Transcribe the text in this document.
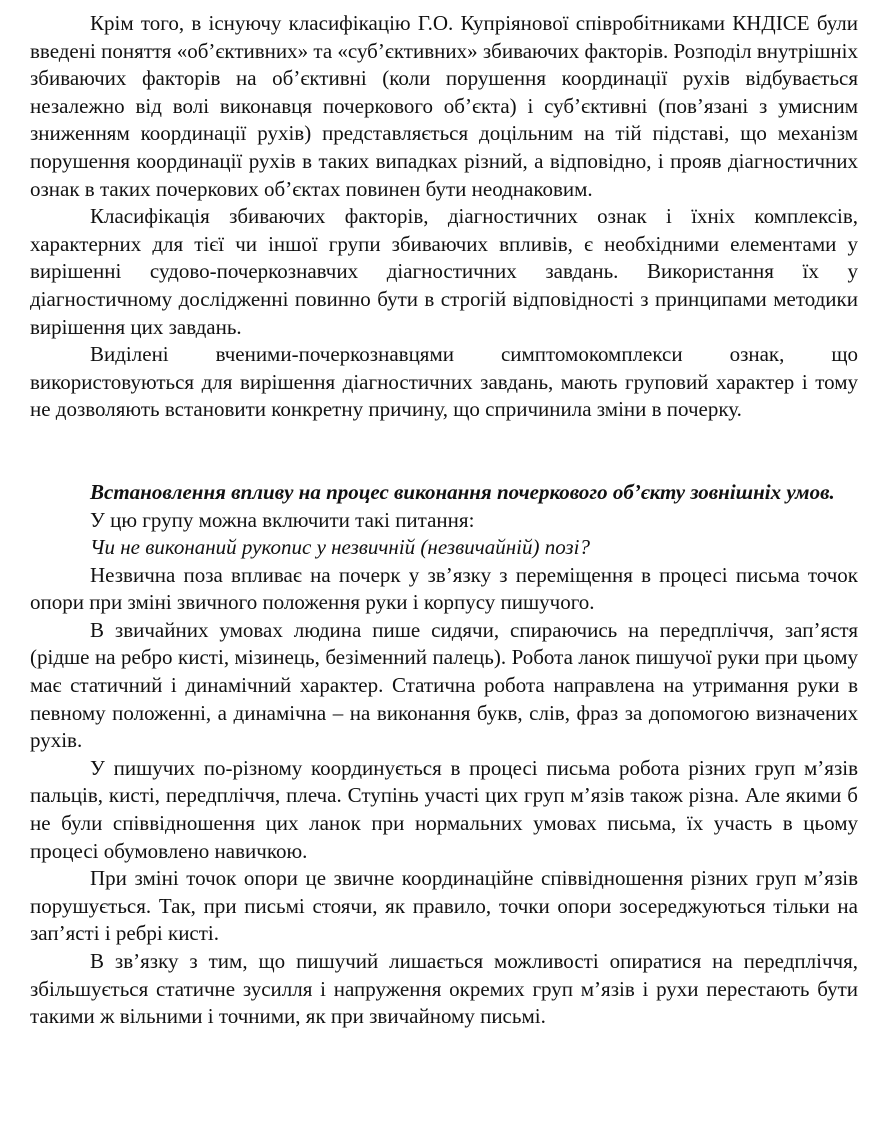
Крім того, в існуючу класифікацію Г.О. Купріянової співробітниками КНДІСЕ були введені поняття «об’єктивних» та «суб’єктивних» збиваючих факторів. Розподіл внутрішніх збиваючих факторів на об’єктивні (коли порушення координації рухів відбувається незалежно від волі виконавця почеркового об’єкта) і суб’єктивні (пов’язані з умисним зниженням координації рухів) представляється доцільним на тій підставі, що механізм порушення координації рухів в таких випадках різний, а відповідно, і прояв діагностичних ознак в таких почеркових об’єктах повинен бути неоднаковим.

Класифікація збиваючих факторів, діагностичних ознак і їхніх комплексів, характерних для тієї чи іншої групи збиваючих впливів, є необхідними елементами у вирішенні судово-почеркознавчих діагностичних завдань. Використання їх у діагностичному дослідженні повинно бути в строгій відповідності з принципами методики вирішення цих завдань.

Виділені вченими-почеркознавцями симптомокомплекси ознак, що використовуються для вирішення діагностичних завдань, мають груповий характер і тому не дозволяють встановити конкретну причину, що спричинила зміни в почерку.

Встановлення впливу на процес виконання почеркового об’єкту зовнішніх умов.

У цю групу можна включити такі питання:

Чи не виконаний рукопис у незвичній (незвичайній) позі?

Незвична поза впливає на почерк у зв’язку з переміщення в процесі письма точок опори при зміні звичного положення руки і корпусу пишучого.

В звичайних умовах людина пише сидячи, спираючись на передпліччя, зап’ястя (рідше на ребро кисті, мізинець, безіменний палець). Робота ланок пишучої руки при цьому має статичний і динамічний характер. Статична робота направлена на утримання руки в певному положенні, а динамічна – на виконання букв, слів, фраз за допомогою визначених рухів.

У пишучих по-різному координується в процесі письма робота різних груп м’язів пальців, кисті, передпліччя, плеча. Ступінь участі цих груп м’язів також різна. Але якими б не були співвідношення цих ланок при нормальних умовах письма, їх участь в цьому процесі обумовлено навичкою.

При зміні точок опори це звичне координаційне співвідношення різних груп м’язів порушується. Так, при письмі стоячи, як правило, точки опори зосереджуються тільки на зап’ясті і ребрі кисті.

В зв’язку з тим, що пишучий лишається можливості опиратися на передпліччя, збільшується статичне зусилля і напруження окремих груп м’язів і рухи перестають бути такими ж вільними і точними, як при звичайному письмі.
